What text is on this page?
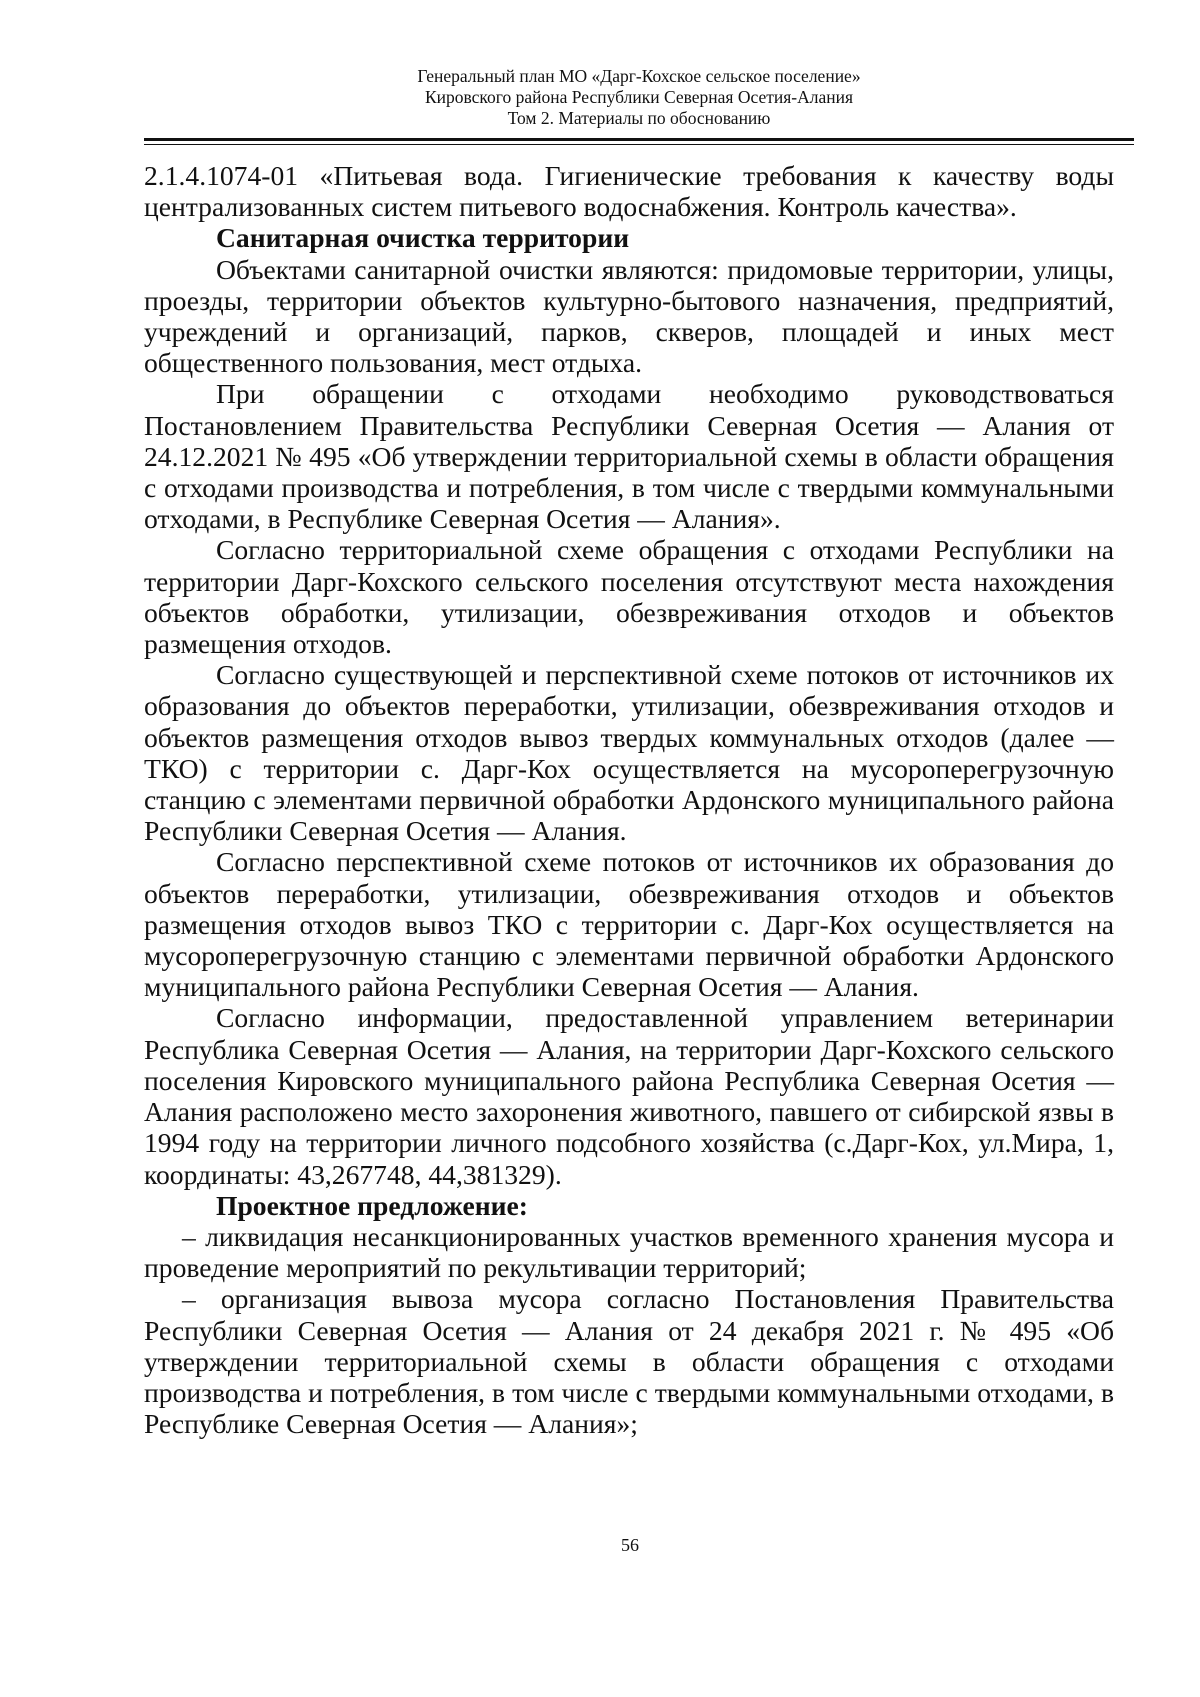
Генеральный план МО «Дарг-Кохское сельское поселение»
Кировского района Республики Северная Осетия-Алания
Том 2. Материалы по обоснованию

2.1.4.1074-01 «Питьевая вода. Гигиенические требования к качеству воды централизованных систем питьевого водоснабжения. Контроль качества».

Санитарная очистка территории

Объектами санитарной очистки являются: придомовые территории, улицы, проезды, территории объектов культурно-бытового назначения, предприятий, учреждений и организаций, парков, скверов, площадей и иных мест общественного пользования, мест отдыха.

При обращении с отходами необходимо руководствоваться Постановлением Правительства Республики Северная Осетия — Алания от 24.12.2021 № 495 «Об утверждении территориальной схемы в области обращения с отходами производства и потребления, в том числе с твердыми коммунальными отходами, в Республике Северная Осетия — Алания».

Согласно территориальной схеме обращения с отходами Республики на территории Дарг-Кохского сельского поселения отсутствуют места нахождения объектов обработки, утилизации, обезвреживания отходов и объектов размещения отходов.

Согласно существующей и перспективной схеме потоков от источников их образования до объектов переработки, утилизации, обезвреживания отходов и объектов размещения отходов вывоз твердых коммунальных отходов (далее — ТКО) с территории с. Дарг-Кох осуществляется на мусороперегрузочную станцию с элементами первичной обработки Ардонского муниципального района Республики Северная Осетия — Алания.

Согласно перспективной схеме потоков от источников их образования до объектов переработки, утилизации, обезвреживания отходов и объектов размещения отходов вывоз ТКО с территории с. Дарг-Кох осуществляется на мусороперегрузочную станцию с элементами первичной обработки Ардонского муниципального района Республики Северная Осетия — Алания.

Согласно информации, предоставленной управлением ветеринарии Республика Северная Осетия — Алания, на территории Дарг-Кохского сельского поселения Кировского муниципального района Республика Северная Осетия — Алания расположено место захоронения животного, павшего от сибирской язвы в 1994 году на территории личного подсобного хозяйства (с.Дарг-Кох, ул.Мира, 1, координаты: 43,267748, 44,381329).

Проектное предложение:

– ликвидация несанкционированных участков временного хранения мусора и проведение мероприятий по рекультивации территорий;

– организация вывоза мусора согласно Постановления Правительства Республики Северная Осетия — Алания от 24 декабря 2021 г. № 495 «Об утверждении территориальной схемы в области обращения с отходами производства и потребления, в том числе с твердыми коммунальными отходами, в Республике Северная Осетия — Алания»;

56
